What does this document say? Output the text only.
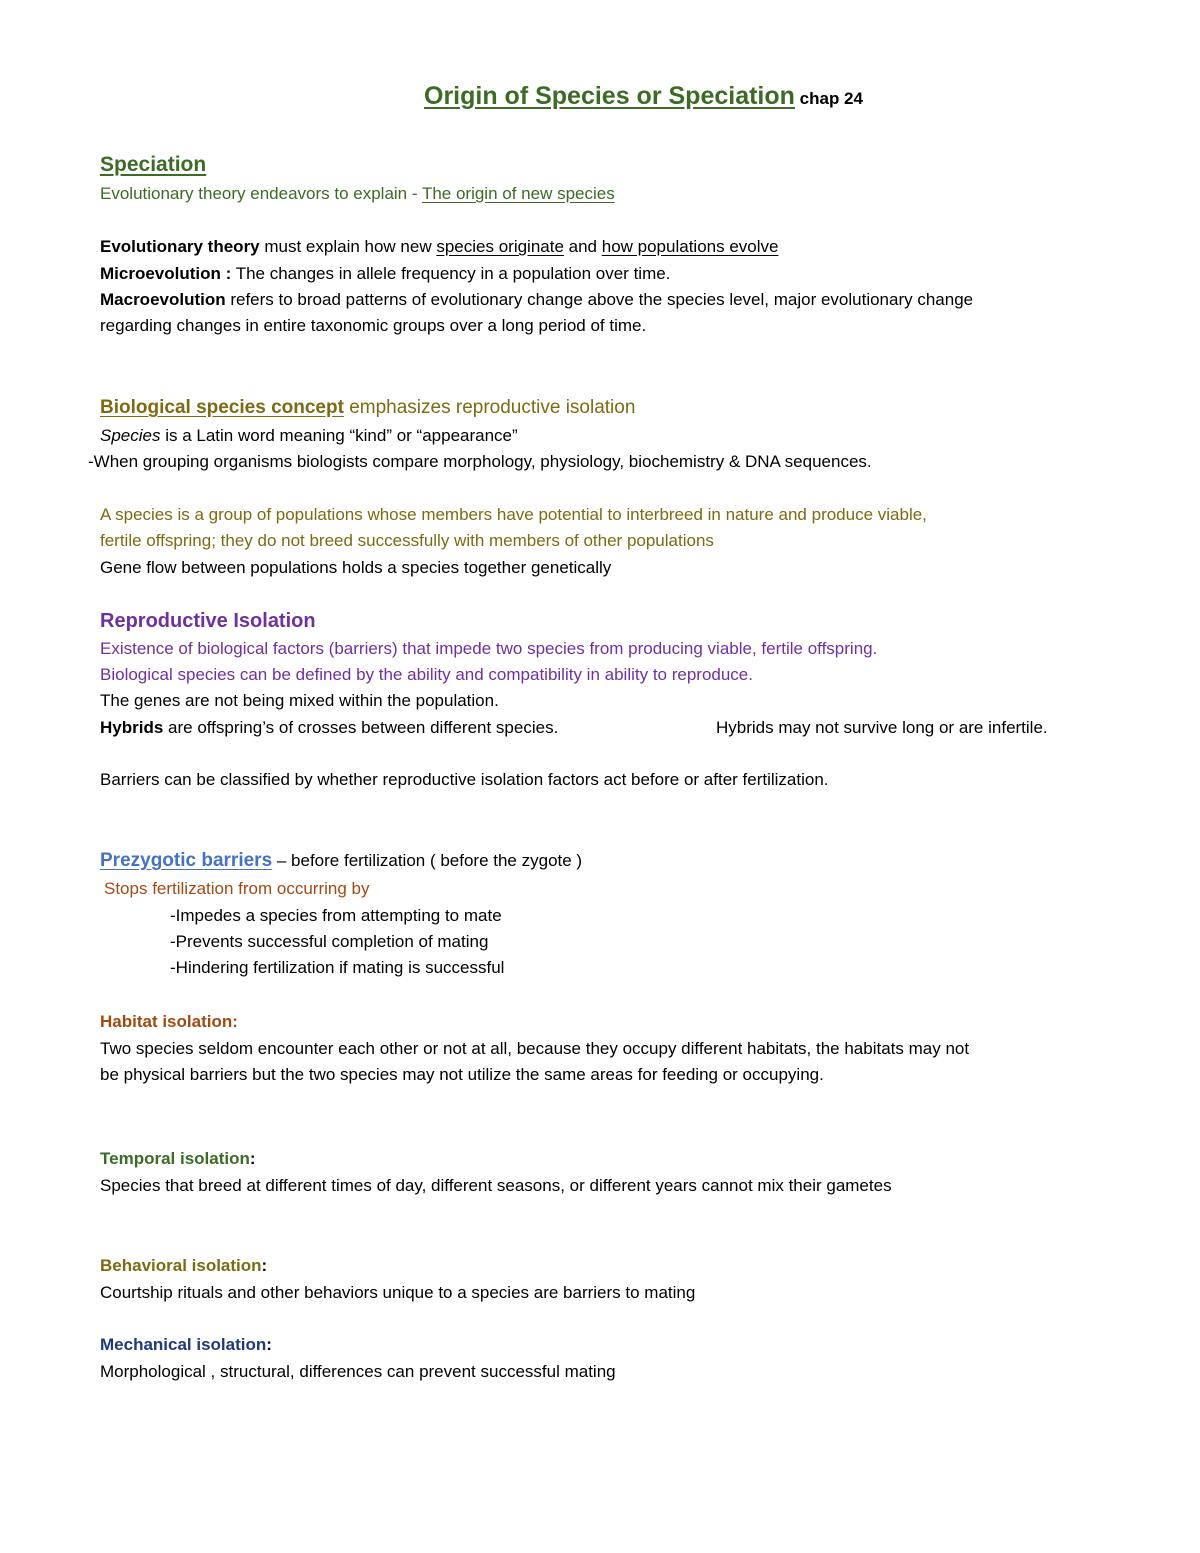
Origin of Species or Speciation chap 24
Speciation
Evolutionary theory endeavors to explain - The origin of new species
Evolutionary theory must explain how new species originate and how populations evolve
Microevolution : The changes in allele frequency in a population over time.
Macroevolution refers to broad patterns of evolutionary change above the species level, major evolutionary change
regarding changes in entire taxonomic groups over a long period of time.
Biological species concept emphasizes reproductive isolation
Species is a Latin word meaning “kind” or “appearance”
-When grouping organisms biologists compare morphology, physiology, biochemistry & DNA sequences.
A species is a group of populations whose members have potential to interbreed in nature and produce viable,
fertile offspring; they do not breed successfully with members of other populations
Gene flow between populations holds a species together genetically
Reproductive Isolation
Existence of biological factors (barriers) that impede two species from producing viable, fertile offspring.
Biological species can be defined by the ability and compatibility in ability to reproduce.
The genes are not being mixed within the population.
Hybrids are offspring’s of crosses between different species.	Hybrids may not survive long or are infertile.
Barriers can be classified by whether reproductive isolation factors act before or after fertilization.
Prezygotic barriers – before fertilization ( before the zygote )
Stops fertilization from occurring by
-Impedes a species from attempting to mate
-Prevents successful completion of mating
-Hindering fertilization if mating is successful
Habitat isolation:
Two species seldom encounter each other or not at all, because they occupy different habitats, the habitats may not
be physical barriers but the two species may not utilize the same areas for feeding or occupying.
Temporal isolation:
Species that breed at different times of day, different seasons, or different years cannot mix their gametes
Behavioral isolation:
Courtship rituals and other behaviors unique to a species are barriers to mating
Mechanical isolation:
Morphological , structural, differences can prevent successful mating
